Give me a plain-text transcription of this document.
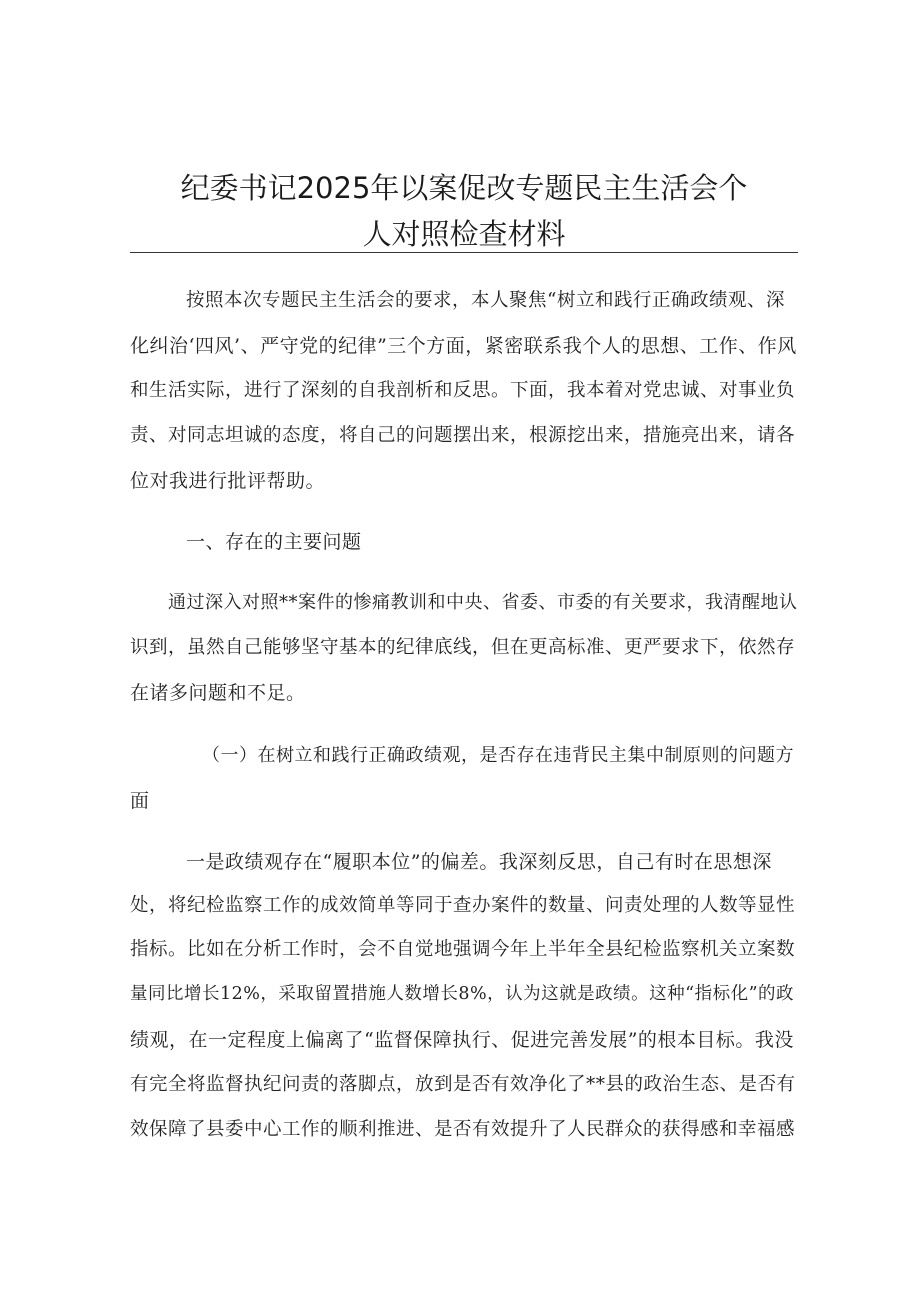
纪委书记2025年以案促改专题民主生活会个
人对照检查材料
按照本次专题民主生活会的要求，本人聚焦“树立和践行正确政绩观、深
化纠治‘四风’、严守党的纪律”三个方面，紧密联系我个人的思想、工作、作风
和生活实际，进行了深刻的自我剖析和反思。下面，我本着对党忠诚、对事业负
责、对同志坦诚的态度，将自己的问题摆出来，根源挖出来，措施亮出来，请各
位对我进行批评帮助。
一、存在的主要问题
通过深入对照**案件的惨痛教训和中央、省委、市委的有关要求，我清醒地认
识到，虽然自己能够坚守基本的纪律底线，但在更高标准、更严要求下，依然存
在诸多问题和不足。
（一）在树立和践行正确政绩观，是否存在违背民主集中制原则的问题方
面
一是政绩观存在“履职本位”的偏差。我深刻反思，自己有时在思想深
处，将纪检监察工作的成效简单等同于查办案件的数量、问责处理的人数等显性
指标。比如在分析工作时，会不自觉地强调今年上半年全县纪检监察机关立案数
量同比增长12%，采取留置措施人数增长8%，认为这就是政绩。这种“指标化”的政
绩观，在一定程度上偏离了“监督保障执行、促进完善发展”的根本目标。我没
有完全将监督执纪问责的落脚点，放到是否有效净化了**县的政治生态、是否有
效保障了县委中心工作的顺利推进、是否有效提升了人民群众的获得感和幸福感
